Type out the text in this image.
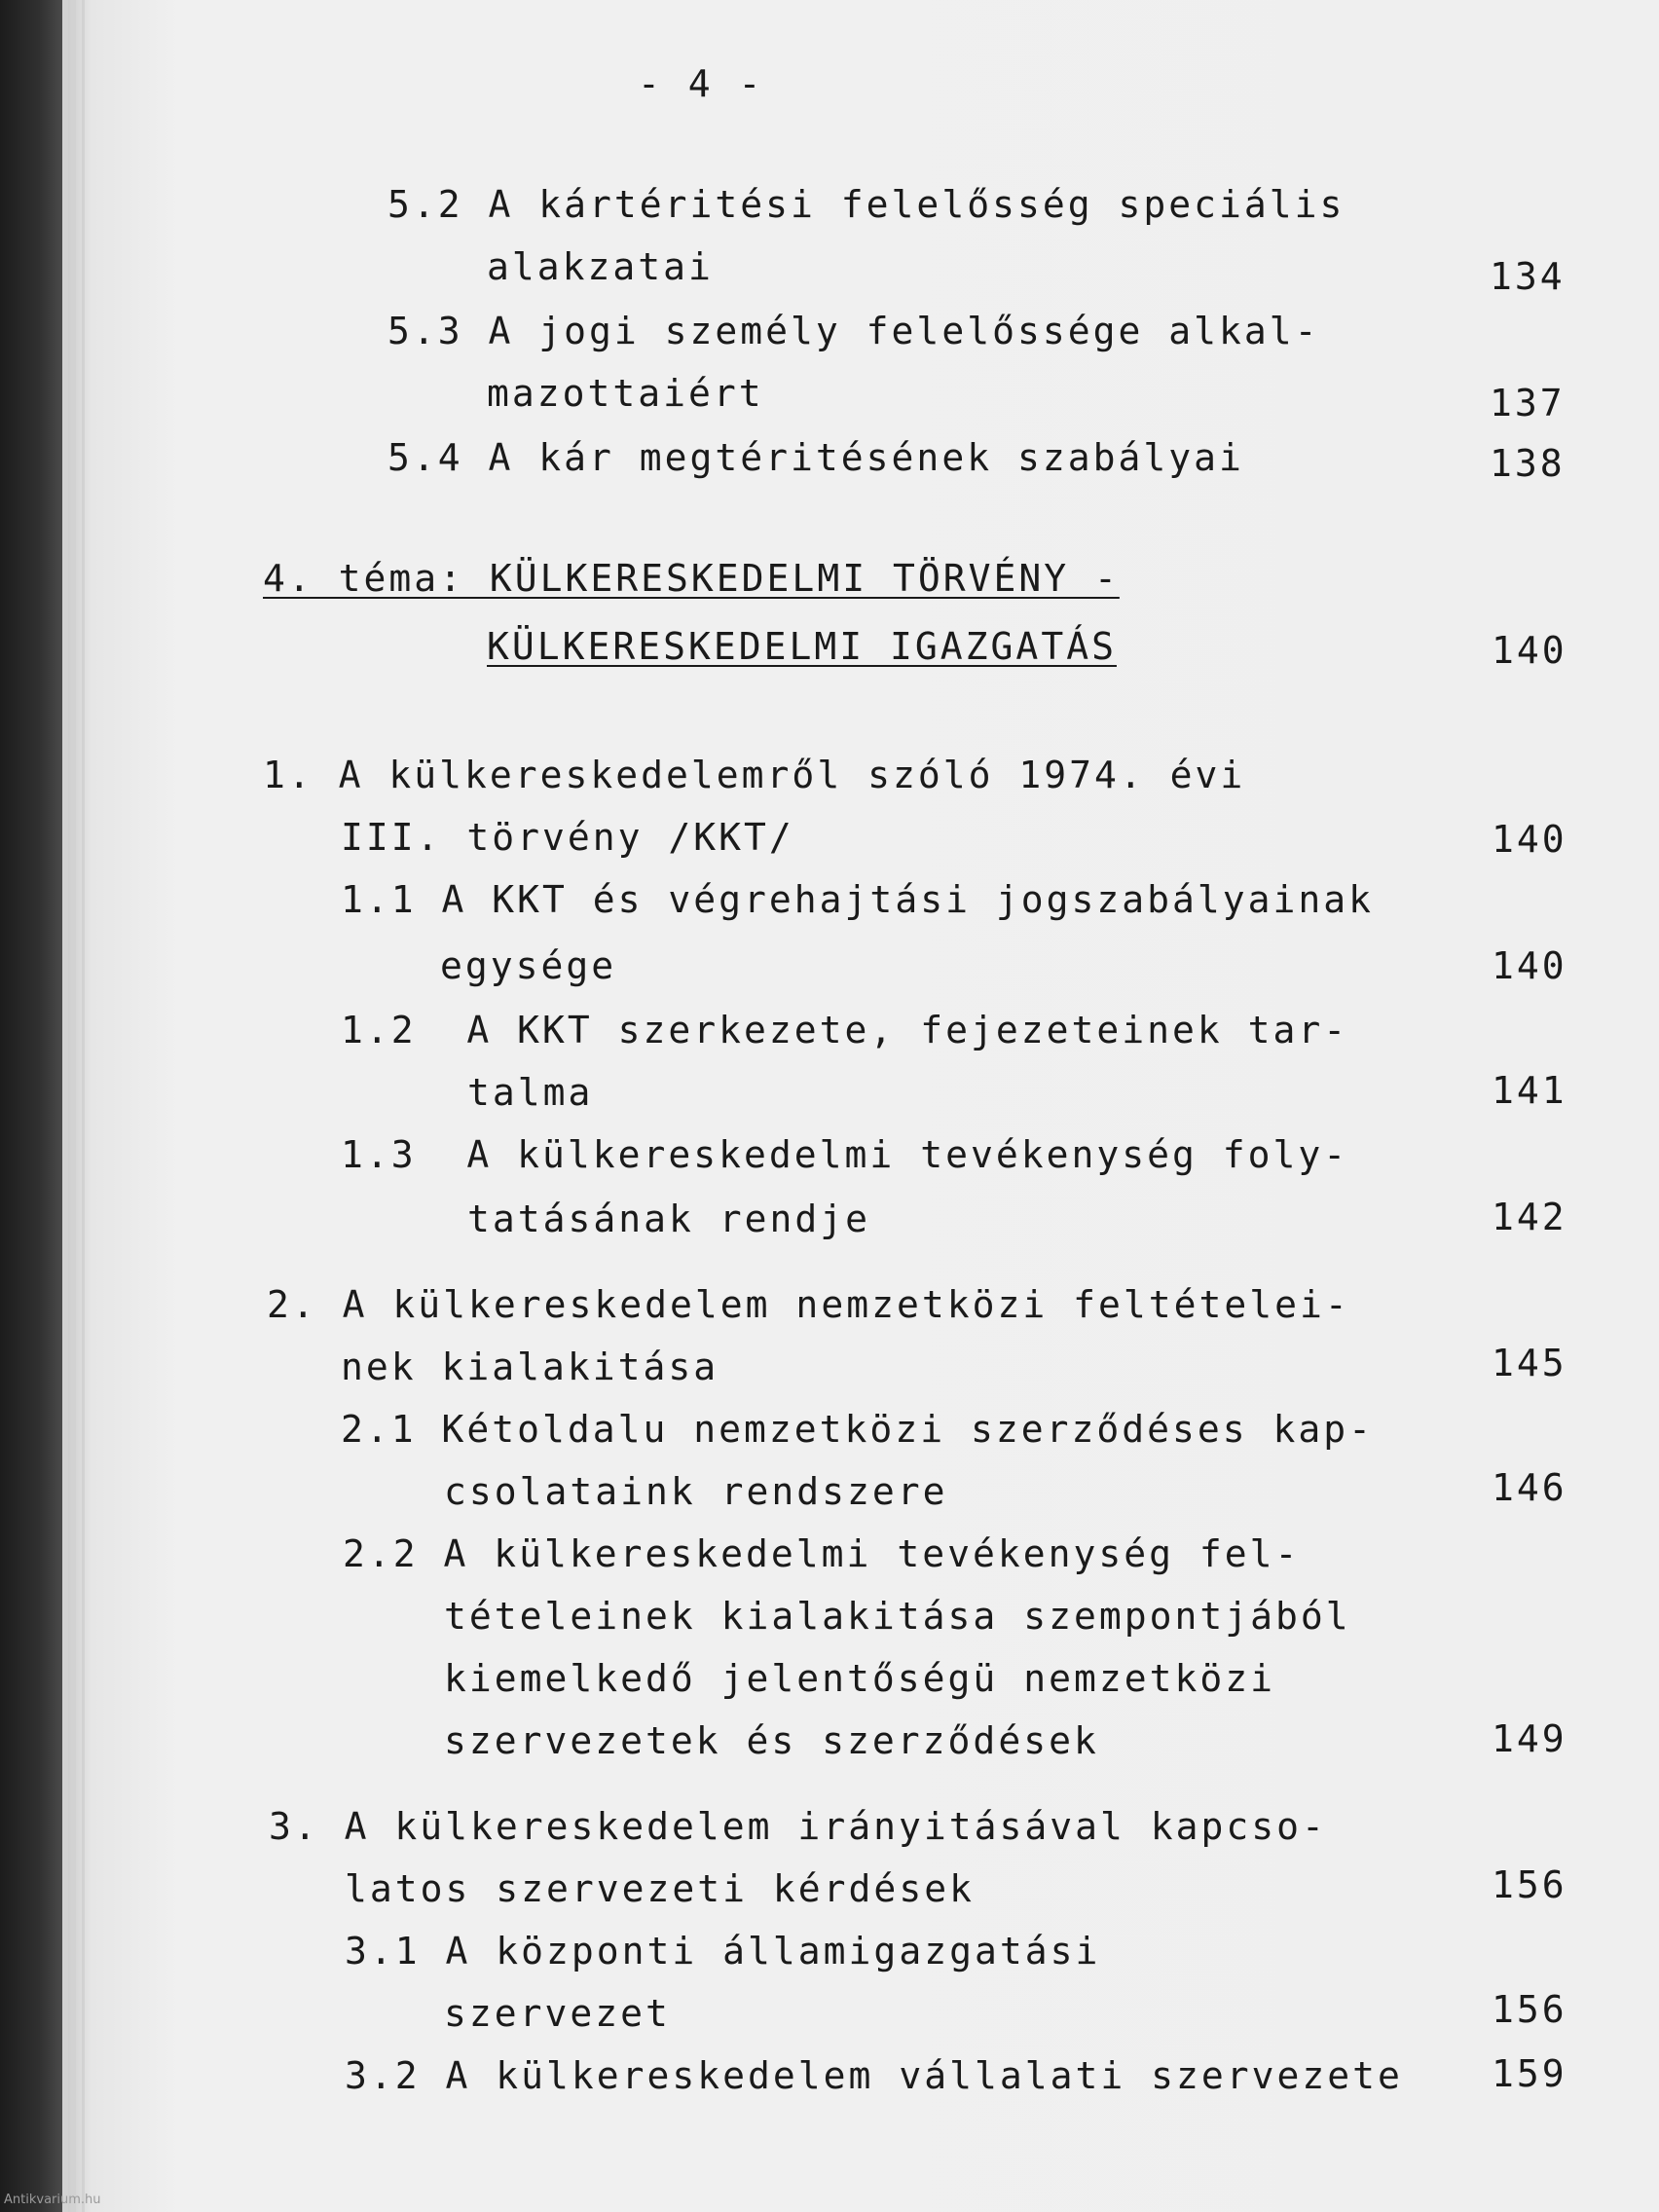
- 4 -
5.2 A kártéritési felelősség speciális
alakzatai	134
5.3 A jogi személy felelőssége alkal-
mazottaiért	137
5.4 A kár megtéritésének szabályai	138
4. téma: KÜLKERESKEDELMI TÖRVÉNY -
KÜLKERESKEDELMI IGAZGATÁS	140
1. A külkereskedelemről szóló 1974. évi
III. törvény /KKT/	140
1.1 A KKT és végrehajtási jogszabályainak
egysége	140
1.2  A KKT szerkezete, fejezeteinek tar-
talma	141
1.3  A külkereskedelmi tevékenység foly-
tatásának rendje	142
2. A külkereskedelem nemzetközi feltételei-
nek kialakitása	145
2.1 Kétoldalu nemzetközi szerződéses kap-
csolataink rendszere	146
2.2 A külkereskedelmi tevékenység fel-
tételeinek kialakitása szempontjából
kiemelkedő jelentőségü nemzetközi
szervezetek és szerződések	149
3. A külkereskedelem irányitásával kapcso-
latos szervezeti kérdések	156
3.1 A központi államigazgatási
szervezet	156
3.2 A külkereskedelem vállalati szervezete 159
Antikvarium.hu
